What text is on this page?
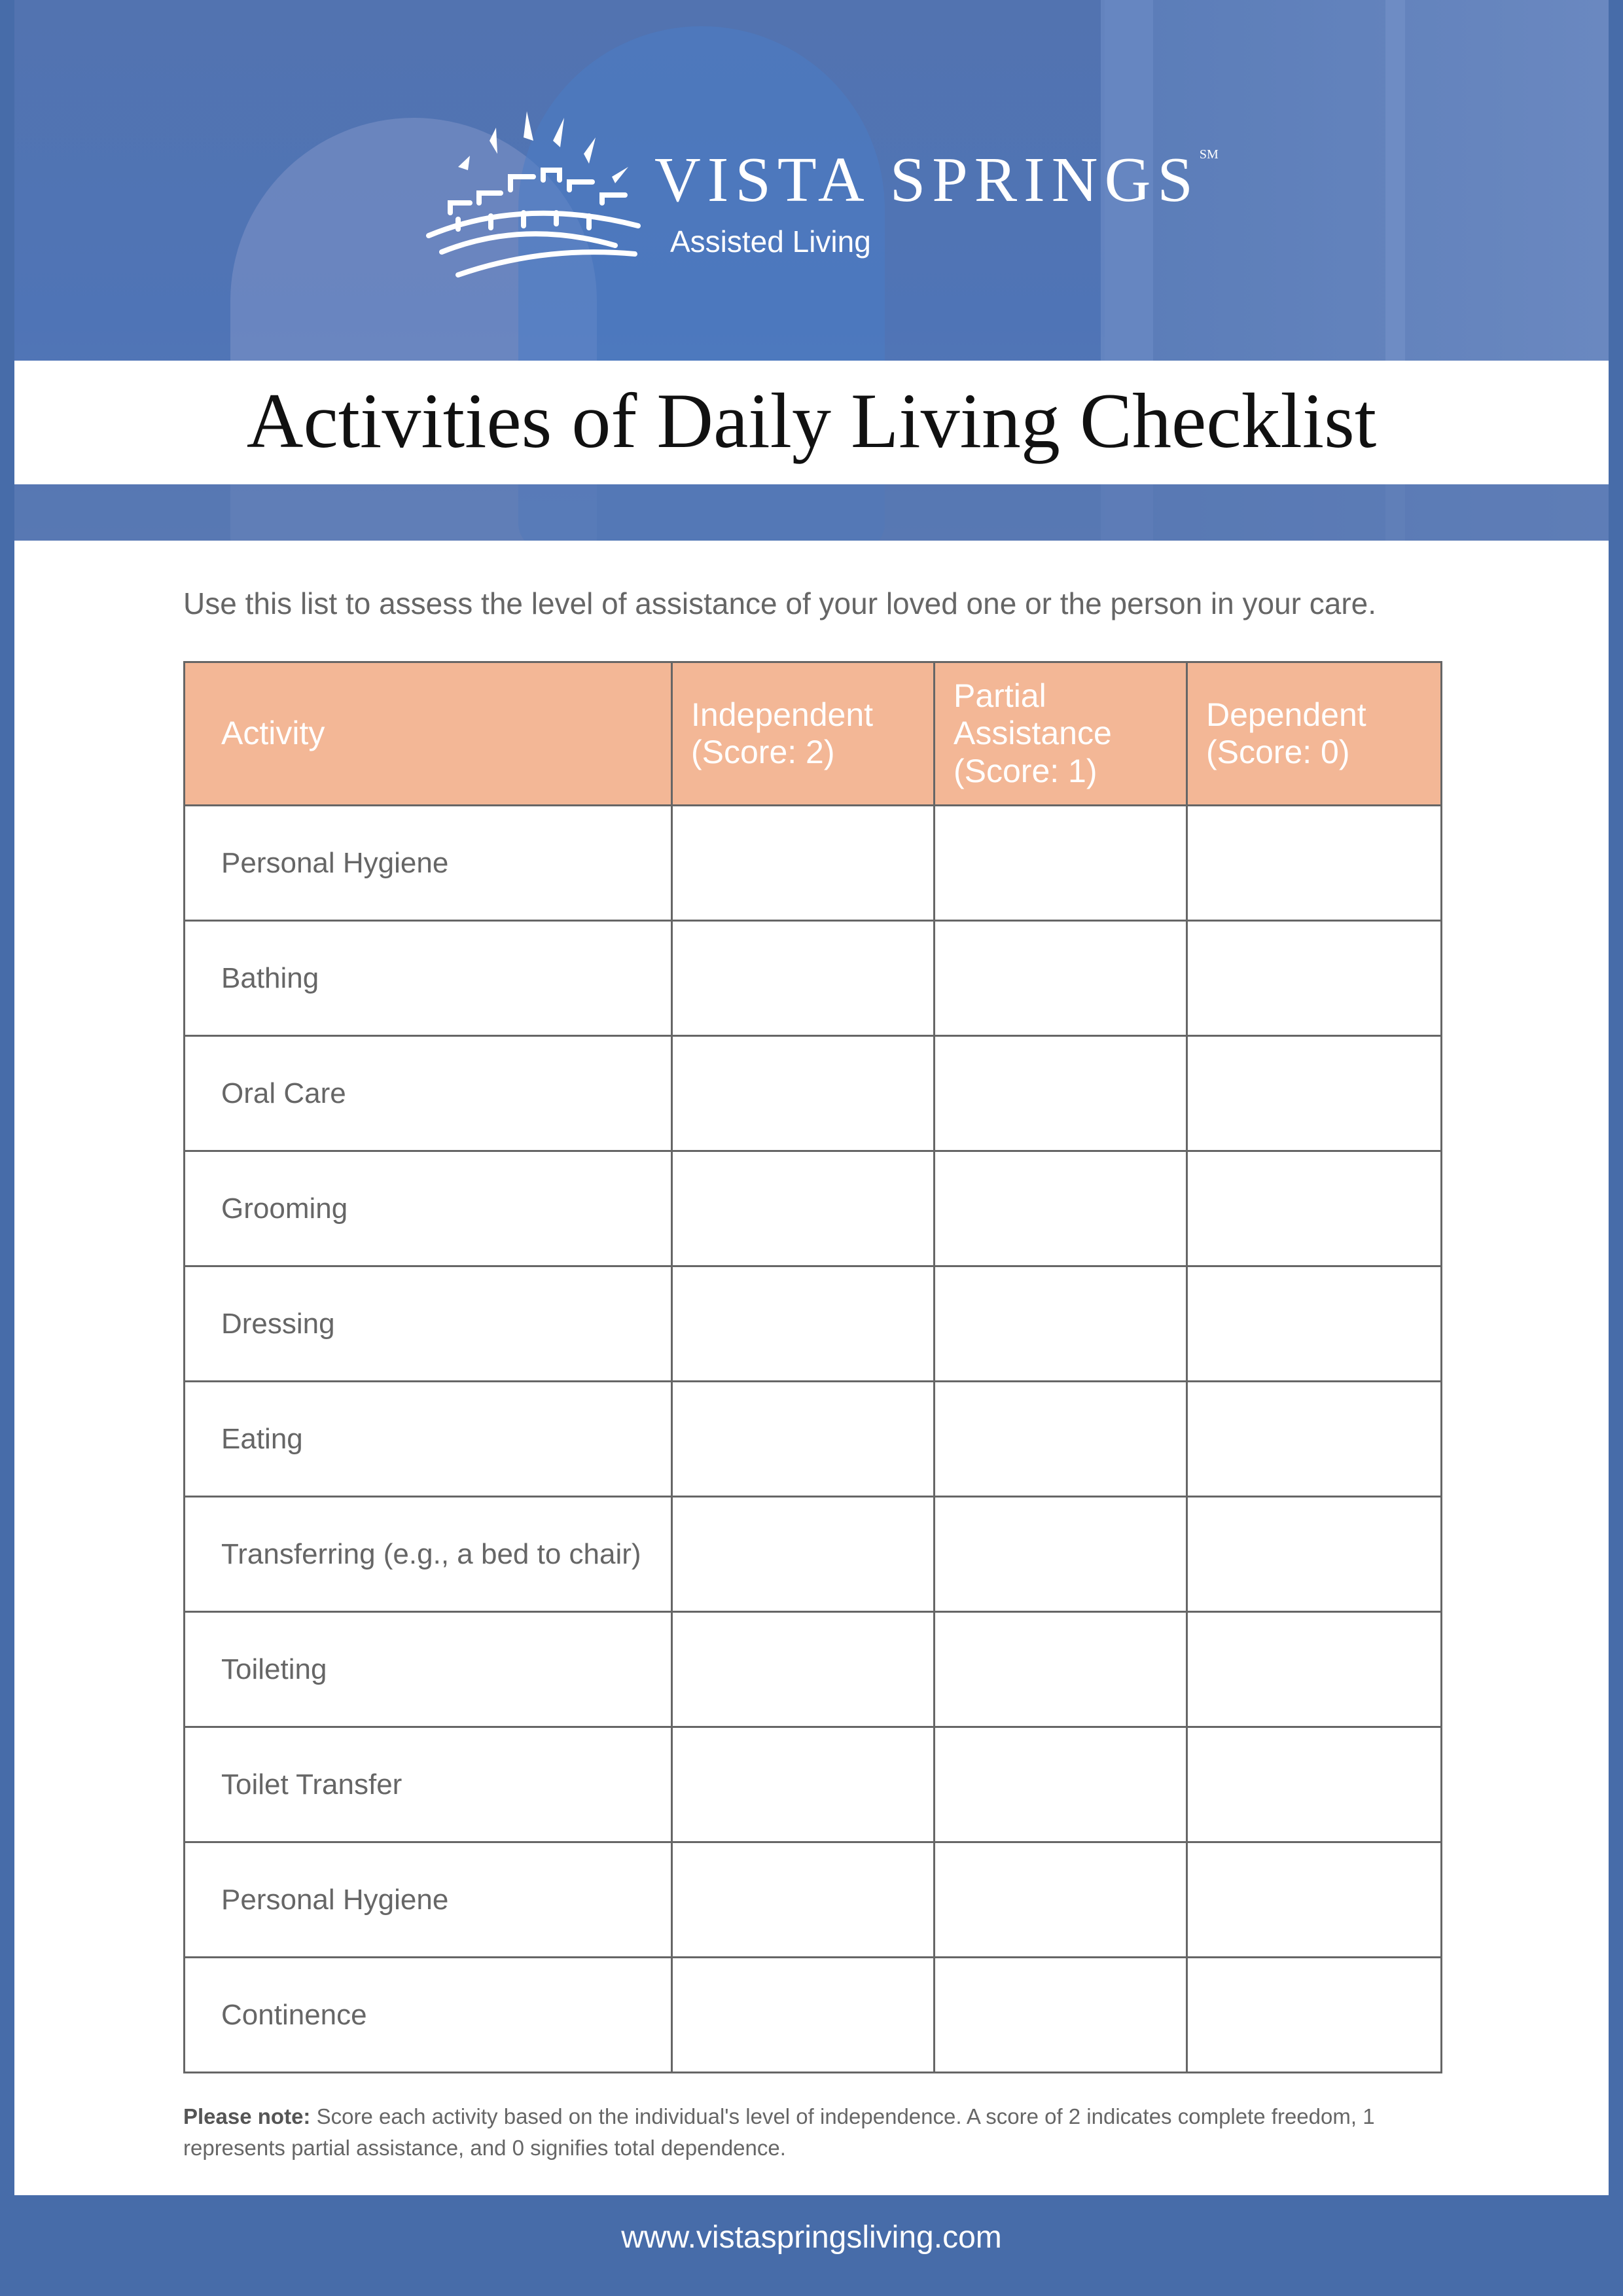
VISTA SPRINGS℠
Assisted Living
Activities of Daily Living Checklist
Use this list to assess the level of assistance of your loved one or the person in your care.
Activity	Independent (Score: 2)	Partial Assistance (Score: 1)	Dependent (Score: 0)
Personal Hygiene			
Bathing			
Oral Care			
Grooming			
Dressing			
Eating			
Transferring (e.g., a bed to chair)			
Toileting			
Toilet Transfer			
Personal Hygiene			
Continence			
Please note: Score each activity based on the individual's level of independence. A score of 2 indicates complete freedom, 1 represents partial assistance, and 0 signifies total dependence.
www.vistaspringsliving.com
